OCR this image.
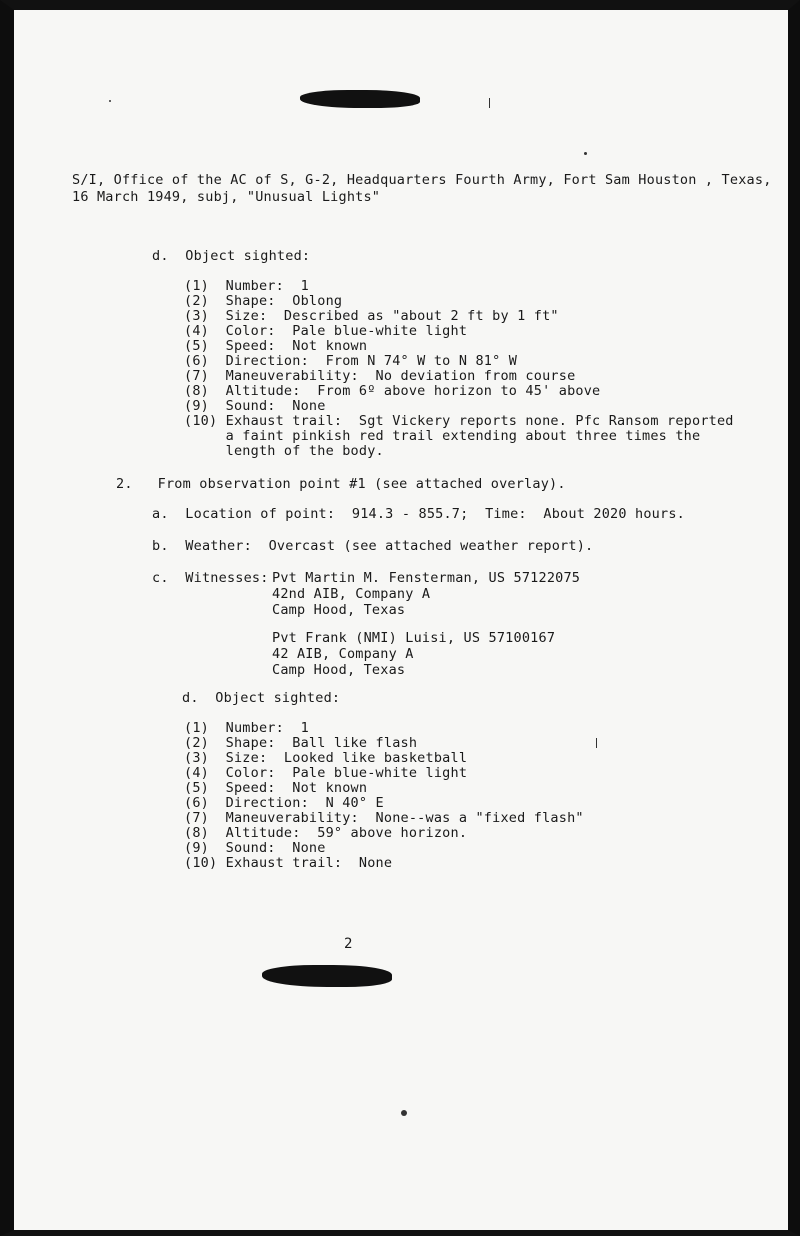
S/I, Office of the AC of S, G-2, Headquarters Fourth Army, Fort Sam Houston , Texas,
16 March 1949, subj, "Unusual Lights"
d.  Object sighted:
(1)  Number:  1
(2)  Shape:  Oblong
(3)  Size:  Described as "about 2 ft by 1 ft"
(4)  Color:  Pale blue-white light
(5)  Speed:  Not known
(6)  Direction:  From N 74° W to N 81° W
(7)  Maneuverability:  No deviation from course
(8)  Altitude:  From 6º above horizon to 45' above
(9)  Sound:  None
(10) Exhaust trail:  Sgt Vickery reports none. Pfc Ransom reported
a faint pinkish red trail extending about three times the
length of the body.
2.   From observation point #1 (see attached overlay).
a.  Location of point:  914.3 - 855.7;  Time:  About 2020 hours.
b.  Weather:  Overcast (see attached weather report).
c.  Witnesses: Pvt Martin M. Fensterman, US 57122075
42nd AIB, Company A
Camp Hood, Texas
Pvt Frank (NMI) Luisi, US 57100167
42 AIB, Company A
Camp Hood, Texas
d.  Object sighted:
(1)  Number:  1
(2)  Shape:  Ball like flash
(3)  Size:  Looked like basketball
(4)  Color:  Pale blue-white light
(5)  Speed:  Not known
(6)  Direction:  N 40° E
(7)  Maneuverability:  None--was a "fixed flash"
(8)  Altitude:  59° above horizon.
(9)  Sound:  None
(10) Exhaust trail:  None
2
